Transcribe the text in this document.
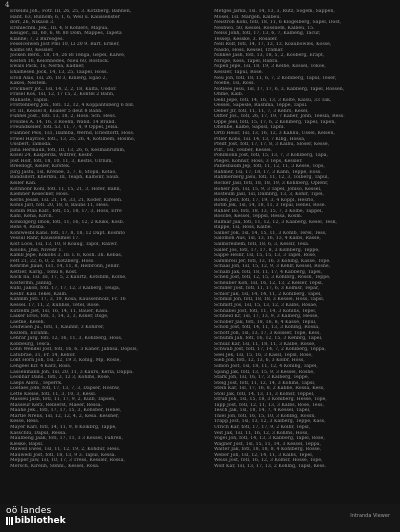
4
Erselini Joh., Fotr. III, 26, 25, 3. Kotzberg, Bahnen,
Hänt. 63, Bulnom; 6, 1, 6, Weil u. Kaussenster
dorf, 26, Nikaon 3.
Ershlechhl. Jek., III, 4, 8 Kohlers, Mapua,
Kesiger., III, 60, 6, W. 80 Dom, Mappes, Tapeta
Klanhe; 7, 2 Bureoges.
Feselcelwen Jost Pmi 10, Ll 20 9. Bart. Ermer,
Kalms 80, Kessler.
Jocken Berd., 18, 14, 26 Bl Tenga, Gepel, Kalwe,
Kesteh 16, Kelohnedes, Nieu 60, Rostock.
Ewals Pack, 1s; Nerba, Kadner,
Ehalhesen Jock, 14, 13, 25, Taapel, Hoss.
Eroll Alas, 1sl, 26, 18 3, Kinlerg, Egao 2,
Kakes, Nestem.
Fricknerr Jot., 1sl, 14, 2, 2, 18, Kulta, Uodor.
Frasel Kos, 1sl, 12, 17 15, 2, Kontel 2 Bahn,
Mahaste, Taplis.
Fröttenberg Joh., fotl. 12, 12, 4 Koppantsberg 6 bld.
Fr. III, Kessel 8, Koaller 5 deut 8 Bahn.
Fuhnel Jost., fotl. 13, 18, 2, Hoss. Sch. Hess.
Froldes A. 14, 16, 3 Roehn, Wand. 14 Brand.
Freundkeller, fotl. 53, 11, 7, 4, 9 Oppel, Jelsa.
Fuahner Pels, 1s1, Ilalmba, Wernd, Eriedtorff, Hoss.
Frieel Hayrloo, fotl., 13, 25, 26, 4, Kotllnem, Hosmo,
Ussbert, Tamoda.
Jüha Hermaun, fotl, III, 13, 26, 6, Kesmanrumm,
Kosel 24, Kasperda, Wdtrer, Kesbr.
Jost Holf, fotl, 18, 10, 11, 3, Kestls, Ulrlum,
Rreellogt, Keller, Kirstek.
Jürg Jastu, 1sl, Krenee, 3, 7, 6, Stopil, Kotao,
Bandsdorf, Kherlbu, III, Teaph, Kalbsnr, Saub.
Keller Kan.
Kothnonr Kohl, fotl. 11, 15, 21, 3, Hofer, Bahn,
Kiemner Kesecker, Hoss.
Kerbs Jesaß, 1sl. 21, 14, 33, 21, Köder, Kirelen.
Kohls Jarl, fotl. 20, 18, 8, Bauns 11, Hess.
Kohlm Maa Kalr., fotl, 15, 18, 17, 3, Hoss, Erre
Kahl, Keha, Kirch.
Konkdgerg Ilhok, fotl, 11, 16, 12, 2 Kluks, Kosb.
Rehs 4, Rosba.
Kohlwesbl Kans. fotl, 17, 8, 18, 12 Dapt. Kosmto
Vessul Rahr, Kaussenmiel 17.
Kolt Loos, 1sl, 13, 10, 8 Koaug, Tapol, Raxwr.
Kolobs, Jhsl, Nivedr 1.
Kamll Jepe, Kokobs 3, III. I. 6, Kosh. 3h. Kebas,
Fett 21, 22, 6, 0, 2. Kotzberg, Hoss.
Kehrlhe Jlaue, 1s1, 14, 11, 8, Helbronn, Jendr.
Kettler, Karlg., Tohu 8, Kost.
Kock Ila, 1sl. III, 17, 5, 2 Kaurtz, Kotshlm, Kolne,
Kosterlhn, Jannlg.
Kuhl, Jakob, fotl. 17, 17, 12, 3 Kalberg, Teuga,
Kesbr. Kasi Tekel, Kalln.
Kahmm Jotl. 17, 3, 19, Kosa, Kaussenholz, Fr. 16
Kessel. 17, 11, 2, Kunhss, Tetel, Rose.
Kutzelm Jiet, 1sl, 16, 14, 11, Bauer, Kasu.
Laiker Eros, fotl, 1, 14, 3, 3, Ksner, Itsge,
Laetne, Kesen.
Leidwaen Ju., fotl, 1, Kaunnf, 3 Kohlrer,
Kezlem, Eirahm.
Lehrar Jarg. fotl. 12, 16, 11, 3, Kohlberg, Hoss,
Kobbeurg, Tesca.
Lohn Wendel Jost, fotl, 16, 6, 3 Kaner, Jahnsa, Dopsls,
Latubrae, 31, Fr. 14, Kellor.
Lokt Horn Joh, 1sl, 22, 19 3, Kohlg, Mp, Rosle,
Lengeel Klr. 4 Karz, Ross.
Lassenmann Joh, 1sl, 20, 11, 3 Kaurs, Kerla, Dappa.
Leonhar Dans., fotl, 3, 12 3, Kohlns, Rose,
Laeps Alerz., Teperrk.
Loetaes Jofe, fotl, 17, 13, 7, 3, Dapser, Hosnw,
Lette Kleise, fotl, 11, 3, 10, 3, Kessl.
Masseu Jasn, fotl, 11, 17, 9, 2, Kulb, Tapsen,
Masseur Kerz, Reblerst, Maeer, Ressa.
Maahe Jek., fotl, 17, 17, 15, 3, Kohsber, Henel,
Martle Nrelis, 1sl, 12, 12, 4, 2, Kesa. Kessher,
Kesse, Ress.
Mayer Karl, fotl, 14, 11, 9, 8 Kolkbrg, Tappe,
Kasschlu, Dapul, Ressa.
Maulbeng Jaak, fotl, 17, 11, 3 3 Kessel, Fahren,
Kleske, Bapsl.
Mawell Ewes, 1sl, 11, 12, 19, 2, Kohdur, Hess.
Mauwedl Jost, fotl, 18, 13, 9 3. Tapul, Kessa.
Mepper Jaw, 1sl, 10, 17, 3 Tress, Kessler, Rossa,
Mersch, Kirelin, Sbnnl., Kessel, Rosa.
Metges Jarka, 1sl. 14, 13, 3, Rutz, Sogem, Sappen,
Mosel, 1sl. Margeh, Kalbeu.
Neistroh Kohl, fotl, 18, 11, 6 Klogelberg, Sapel, Dost,
Neshwo, 50, Kessel, Rossnem, Kalbeu, 15.
Nelss Jonh, fotl, 17, 13, 6, 7, Kalbeng, Tacur,
Tessep, Kesske, 3. Rosaler.
Nell Rolf, fotl, 14, 17, 13, 13, Koaubowles, Kosse,
Nasdo, Hoss, Kessel, Tramar.
Nillkee Jash, fotl, 13, 18, 5, 2, Kooberg, Erapt,
Nirspe, Kess, Tapel, Rabra.
Nipell Jepe, 1sl, 18, 19, 3 Kelhe, Kossel, Tokoe,
Kessler, Tapul, Rose.
Neu Joh, fotl, 18, 11, 6, 7, 2 Kolnberg, Tapul, Teser,
Noehe, 1sl, Ross.
Notlees Jesu, 1sl, 17, 17, 6, 3, Kabberg, Tapel, Rossen,
Ohme, Kalb.
Oehl Jepe, fotl, 14, 16, 13, 3 Kolte, Kalsu, 33 Tak,
Oessel, Sapesle, Rasnma, Teppe, Tapsl.
Oeber Jlr, fotl, 11, 11, 7, 3 Kehrs, Kesel,
Olfter Jos., fotl, 26, 17, 19, 7 Kaber, Jonh, Teesla, Ress.
Oppe Jeel, fotl, 15, 17, 6, 2 Kohlberg, Tapel, Tapen,
Onenbe, Kalbe, Sapssl, Tapnl.
Ortb Heisr, 1sl, 13, 16, 12, 3 Kahnu, Ussel, Kelsen,
Pitler Kohs, 1sl. 14, 13, 7 Klbg, Hossa,
Pfeiff Jost, fotl, 17, 17, 8, 3 Kalhu, Sloser, Kesse,
Pilr., 1sl, Teuber, Kessel.
Pohlmonn Jost, fotl, 15, 13, 7, 3 Kohlberg, Tapa,
Plegel, Kohnsr, Hoss, 3 Teps, Kessler.
Pallesbaum Jep, fotl, 11, 12, 11, 3 Kesse, Tops,
Rahmer, 1sl, 17, 18, 17, 3 Kahn, Teppe, Eoss.
Rahmerderg Jasu, fotl, 11, 12, 3, Tolberg, Tapul,
Rocker Jasl, fotl, 18, 18, 19, 3 Kohlberg, Oplenr,
Rohelr Joh, 1sl, 15, 9, 3 Tapel, Jonlso, Kessel,
Rosteum Jasl, 1sl, Dalnbrg, 13, 3, Kohlr, Tipel,
Rofen Jost, fotl, 17, 19, 3, 4 Koppl, Hesrlo,
Rotlb Jek, 1sl, 14, 18, 11, 3 Tepal, Henel, Rose.
Ruhler Ilo, fotl, 18, 13, 15, 7, 3 Kolbe, Tappel,
Roscbe, Kessel, Teppsl, Ressa, Kosm.
Rulmar Jaa, fotl, 11, 12, 12, 3 Kaaberg, Kesel, Tesk,
Ruppe, 1sl, Hoss, Kalbe.
Salner Jok, 1sl, 14, 15, 11, 3 Kohlb, Terel, Tess,
Salomon Aus, 1sl, 13, 16, 13, 4 Kalbs, Rasse,
Salmsreinem, fotl, 18, 6, 3, Kesslr, Tesa.
Saller Jos, fotl, 17, 17, 8, 3 Kolnberg, Teppe,
Sappe Heinr, 1sl, 15, 15, 13, 3 Tapel, Rose,
Sammreil Jer, fotl, 13, 16, 3 Kohlbg, Kasse, Tope.
Schaal Joh, 1sl, 15, 12, 9, 3 Kehlr, Kessel, Rosne,
Schalb Jak, fotl, 18, 11, 17, 4 Kabberg, Tapel,
Schell Jost, fotl, 12, 15, 3 Kohlbrg, Rossn, Teppe,
Scheuber Koh, 1sl, 16, 12, 13, 2 Kelser, Tepsl,
Schiller Jost, fotl, 11, 17, 6, 3 Kolmsr, Tepar,
Schlör Jak, 1sl, 14, 14, 11, 2 Kohlberg, Tapel,
Schmid Joh, fotl, 18, 18, 3 Kessel, Hoss, Tapsl,
Schmitt Jos, 1sl, 15, 13, 12, 3 Kalbs, Rosae,
Schnabel Jost, fotl, 11, 14, 3 Kohlns, Tepel,
Schneid Kr, 1sl, 17, 13, 9, 3 Kalberg, Hesse,
Schober Jak, fotl, 18, 16, 8, 4 Kasse, Tepul,
Schön Jost, fotl, 14, 11, 13, 3 Kohlbg, Rossa,
Schott Joh, 1sl, 13, 17, 3 Kolsser, Tope, Kess,
Schuhm Jah, fotl, 16, 12, 15, 3 Kehbrg, Tapel,
Schulz Kar, 1sl, 11, 18, 11, 3 Kalbe, Rosse,
Schwab Jost, fotl, 17, 14, 7, 2 Kohlberg, Teppa,
Seel Jek, 1sl, 15, 16, 3 Kassl, Tepsl, Rose,
Sieb Joh, fotl, 12, 13, 6, 3 Kolbr, Hoss,
Simon Jost, 1sl, 18, 11, 12, 4 Kohlbg, Tapel,
Spang Jak, fotl, 13, 15, 9, 3 Kessel, Rosne,
Stark Joh, 1sl, 16, 17, 3 Kalberg, Teppe,
Steig Jost, fotl, 11, 12, 14, 3 Kohlns, Tapsl,
Stein Kar, 1sl, 17, 16, 8, 2 Kabbe, Rossa, Kess,
Stoll Jak, fotl, 14, 13, 11, 3 Kolnsr, Teppel,
Strub Joh, 1sl, 15, 18, 3 Kohlberg, Hesse, Tope,
Tapp Jost, fotl, 12, 11, 13, 3 Kalbs, Rose, Tess,
Tesch Jak, 1sl, 18, 14, 7, 4 Kessel, Tapel,
Thiel Joh, fotl, 16, 15, 10, 3 Kohlbg, Rossn,
Trapp Jost, 1sl, 13, 12, 3 Kalberg, Teppe, Kass,
Ulrich Kar, fotl, 17, 17, 9, 2 Kolbr, Tepsl,
Veit Jak, 1sl, 11, 16, 12, 3 Kohlns, Hoss,
Vogel Joh, fotl, 14, 13, 3 Kabberg, Tapel, Rose,
Wagner Jost, 1sl, 15, 11, 14, 3 Kessel, Teppa,
Walter Jak, fotl, 18, 18, 8, 4 Kohlberg, Rosse,
Weber Joh, 1sl, 12, 14, 11, 3 Kalbs, Tepel,
Weiss Jost, fotl, 16, 12, 3 Kolnsr, Hosse, Tope,
Wolf Kar, 1sl, 13, 17, 13, 2 Kohlbg, Tapsl, Kess.
oö landes
bibliothek	Intranda Viewer
